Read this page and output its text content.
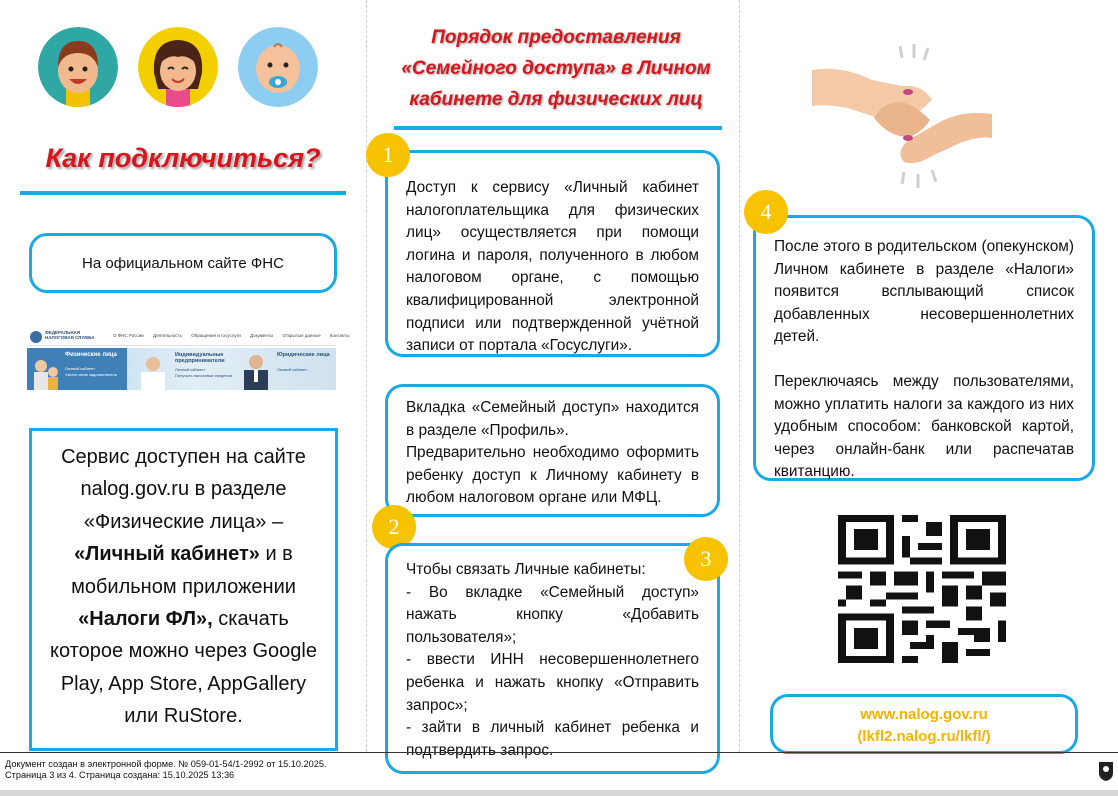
Как подключиться?
На официальном сайте ФНС
ФЕДЕРАЛЬНАЯ
НАЛОГОВАЯ СЛУЖБА	О ФНС России Деятельность Обращения и госуслуги Документы Открытые данные Контакты
Физические лица
Личный кабинет
Узнать свою задолженность
Индивидуальные предприниматели
Личный кабинет
Получить налоговые сведения
Юридические лица
Личный кабинет
Сервис доступен на сайте nalog.gov.ru в разделе «Физические лица» – «Личный кабинет» и в мобильном приложении «Налоги ФЛ», скачать которое можно через Google Play, App Store, AppGallery или RuStore.
Порядок предоставления
«Семейного доступа» в Личном
кабинете для физических лиц

Доступ к сервису «Личный кабинет налогоплательщика для физических лиц» осуществляется при помощи логина и пароля, полученного в любом налоговом органе, с помощью квалифицированной электронной подписи или подтвержденной учётной записи от портала «Госуслуги».

1

Вкладка «Семейный доступ» находится в разделе «Профиль».

Предварительно необходимо оформить ребенку доступ к Личному кабинету в любом налоговом органе или МФЦ.

2

Чтобы связать Личные кабинеты:

- Во вкладке «Семейный доступ» нажать кнопку «Добавить пользователя»;

- ввести ИНН несовершеннолетнего ребенка и нажать кнопку «Отправить запрос»;

- зайти в личный кабинет ребенка и подтвердить запрос.

3

После этого в родительском (опекунском) Личном кабинете в разделе «Налоги» появится всплывающий список добавленных несовершеннолетних детей.

Переключаясь между пользователями, можно уплатить налоги за каждого из них удобным способом: банковской картой, через онлайн-банк или распечатав квитанцию.

4
www.nalog.gov.ru
(lkfl2.nalog.ru/lkfl/)
Документ создан в электронной форме. № 059-01-54/1-2992 от 15.10.2025.
Страница 3 из 4. Страница создана: 15.10.2025 13:36
